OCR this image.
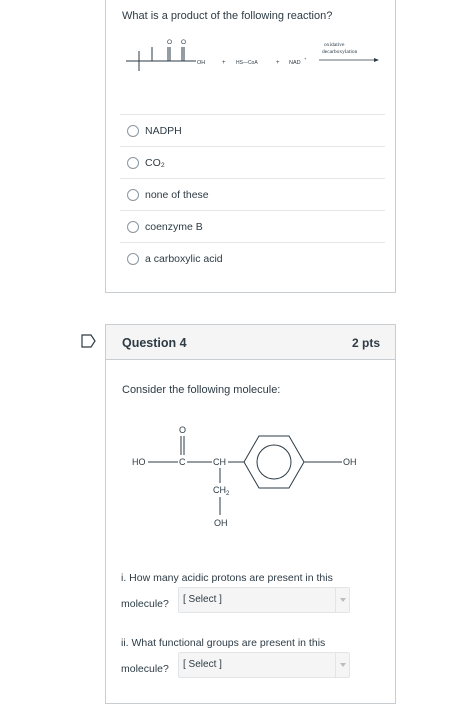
What is a product of the following reaction?
O O
OH	+ HS—CoA	+ NAD
+
oxidative
decarboxylation
NADPH
CO₂
none of these
coenzyme B
a carboxylic acid
Question 4	2 pts
Consider the following molecule:
HO	C
O
CH
$CH_2$
OH
OH
i. How many acidic protons are present in this
molecule? [ Select ]
ii. What functional groups are present in this
molecule? [ Select ]
